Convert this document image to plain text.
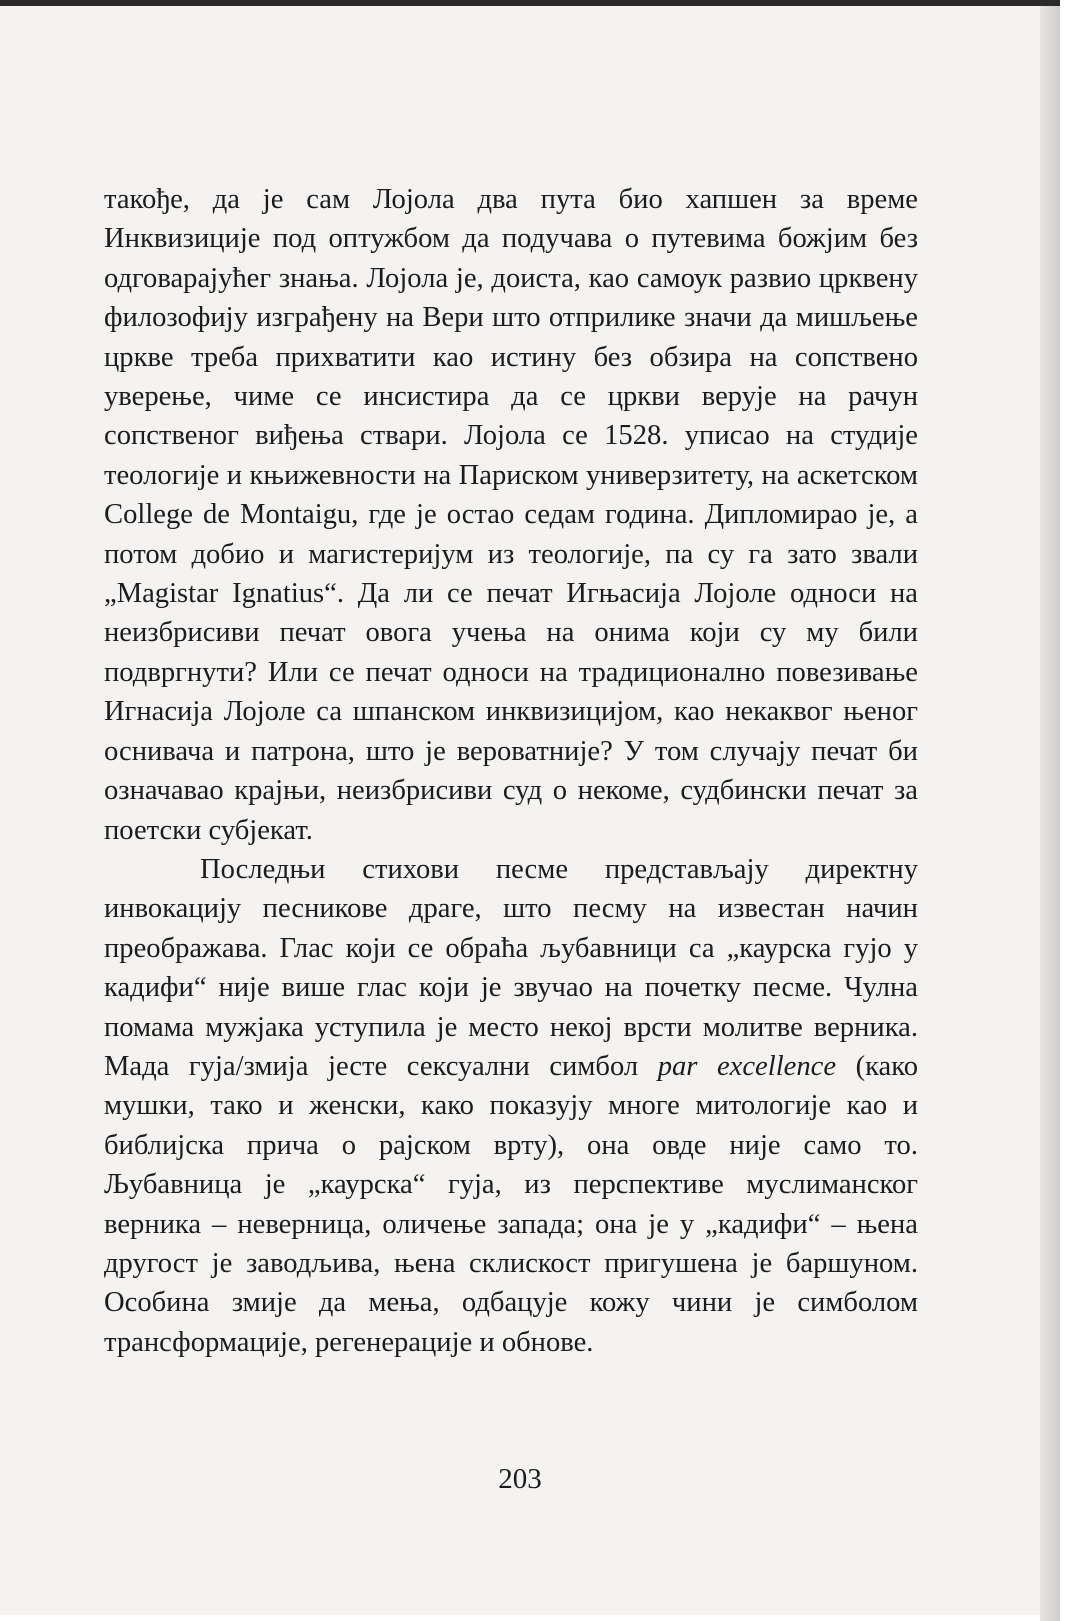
такође, да је сам Лојола два пута био хапшен за време Инквизиције под оптужбом да подучава о путевима божјим без одговарајућег знања. Лојола је, доиста, као самоук развио црквену филозофију изграђену на Вери што отприлике значи да мишљење цркве треба прихватити као истину без обзира на сопствено уверење, чиме се инсистира да се цркви верује на рачун сопственог виђења ствари. Лојола се 1528. уписао на студије теологије и књижевности на Париском универзитету, на аскетском College de Montaigu, где је остао седам година. Дипломирао је, а потом добио и магистеријум из теологије, па су га зато звали „Magistar Ignatius“. Да ли се печат Игњасија Лојоле односи на неизбрисиви печат овога учења на онима који су му били подвргнути? Или се печат односи на традиционално повезивање Игнасија Лојоле са шпанском инквизицијом, као некаквог њеног оснивача и патрона, што је вероватније? У том случају печат би означавао крајњи, неизбрисиви суд о некоме, судбински печат за поетски субјекат.

Последњи стихови песме представљају директну инвокацију песникове драге, што песму на известан начин преображава. Глас који се обраћа љубавници са „каурска гујо у кадифи“ није више глас који је звучао на почетку песме. Чулна помама мужјака уступила је место некој врсти молитве верника. Мада гуја/змија јесте сексуални симбол par excellence (како мушки, тако и женски, како показују многе митологије као и библијска прича о рајском врту), она овде није само то. Љубавница је „каурска“ гуја, из перспективе муслиманског верника – неверница, оличење запада; она је у „кадифи“ – њена другост је заводљива, њена склискост пригушена је баршуном. Особина змије да мења, одбацује кожу чини је симболом трансформације, регенерације и обнове.

203
